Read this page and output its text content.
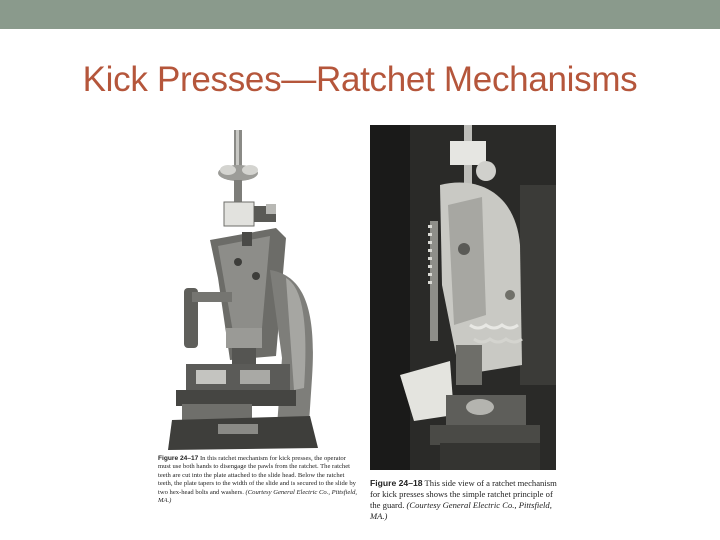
Kick Presses—Ratchet Mechanisms
Figure 24–17 In this ratchet mechanism for kick presses, the operator must use both hands to disengage the pawls from the ratchet. The ratchet teeth are cut into the plate attached to the slide head. Below the ratchet teeth, the plate tapers to the width of the slide and is secured to the slide by two hex-head bolts and washers. (Courtesy General Electric Co., Pittsfield, MA.)
Figure 24–18 This side view of a ratchet mechanism for kick presses shows the simple ratchet principle of the guard. (Courtesy General Electric Co., Pittsfield, MA.)
